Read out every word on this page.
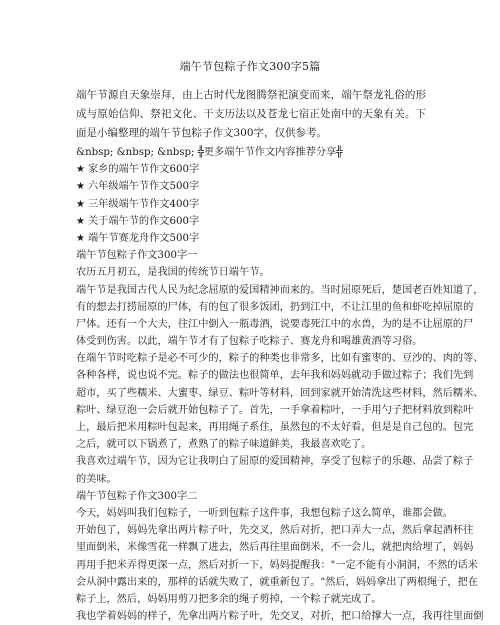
端午节包粽子作文300字5篇
端午节源自天象崇拜，由上古时代龙图腾祭祀演变而来，端午祭龙礼俗的形成与原始信仰、祭祀文化、干支历法以及苍龙七宿正处南中的天象有关。下面是小编整理的端午节包粽子作文300字，仅供参考。
&nbsp; &nbsp; &nbsp; ╬更多端午节作文内容推荐分享╬
★ 家乡的端午节作文600字
★ 六年级端午节作文500字
★ 三年级端午节作文400字
★ 关于端午节的作文600字
★ 端午节赛龙舟作文500字
端午节包粽子作文300字一
农历五月初五，是我国的传统节日端午节。
端午节是我国古代人民为纪念屈原的爱国精神而来的。当时屈原死后，楚国老百姓知道了，
有的想去打捞屈原的尸体，有的包了很多饭团，扔到江中，不让江里的鱼和虾吃掉屈原的
尸体。还有一个大夫，往江中倒入一瓶毒酒，说要毒死江中的水兽，为的是不让屈原的尸
体受到伤害。以此，端午节才有了包粽子吃粽子、赛龙舟和喝雄黄酒等习俗。
在端午节时吃粽子是必不可少的，粽子的种类也非常多，比如有蜜枣的、豆沙的、肉的等、
各种各样，说也说不完。粽子的做法也很简单，去年我和妈妈就动手做过粽子；我们先到
超市，买了些糯米、大蜜枣、绿豆、粽叶等材料，回到家就开始清洗这些材料，然后糯米、
粽叶、绿豆泡一会后就开始包粽子了。首先，一手拿着粽叶，一手用勺子把材料放到粽叶
上，最后把米用粽叶包起来，再用绳子系住，虽然包的不太好看，但是是自己包的。包完
之后，就可以下锅煮了，煮熟了的粽子味道鲜美，我最喜欢吃了。
我喜欢过端午节，因为它让我明白了屈原的爱国精神，享受了包粽子的乐趣、品尝了粽子
的美味。
端午节包粽子作文300字二
今天，妈妈叫我们包粽子，一听到包粽子这件事，我想包粽子这么简单，谁都会做。
开始包了，妈妈先拿出两片粽子叶，先交叉，然后对折，把口弄大一点，然后拿起酒杯往
里面倒米，米像雪花一样飘了进去，然后再往里面倒米，不一会儿，就把肉给埋了，妈妈
再用手把米弄得更深一点，然后对折一下，妈妈提醒我："一定不能有小洞洞，不然的话米
会从洞中露出来的，那样的话就失败了，就重新包了。"然后，妈妈拿出了两根绳子，把在
粽子上，然后，妈妈用剪刀把多余的绳子剪掉，一个粽子就完成了。
我也学着妈妈的样子，先拿出两片粽子叶，先交叉，对折，把口给撑大一点，我再往里面倒
